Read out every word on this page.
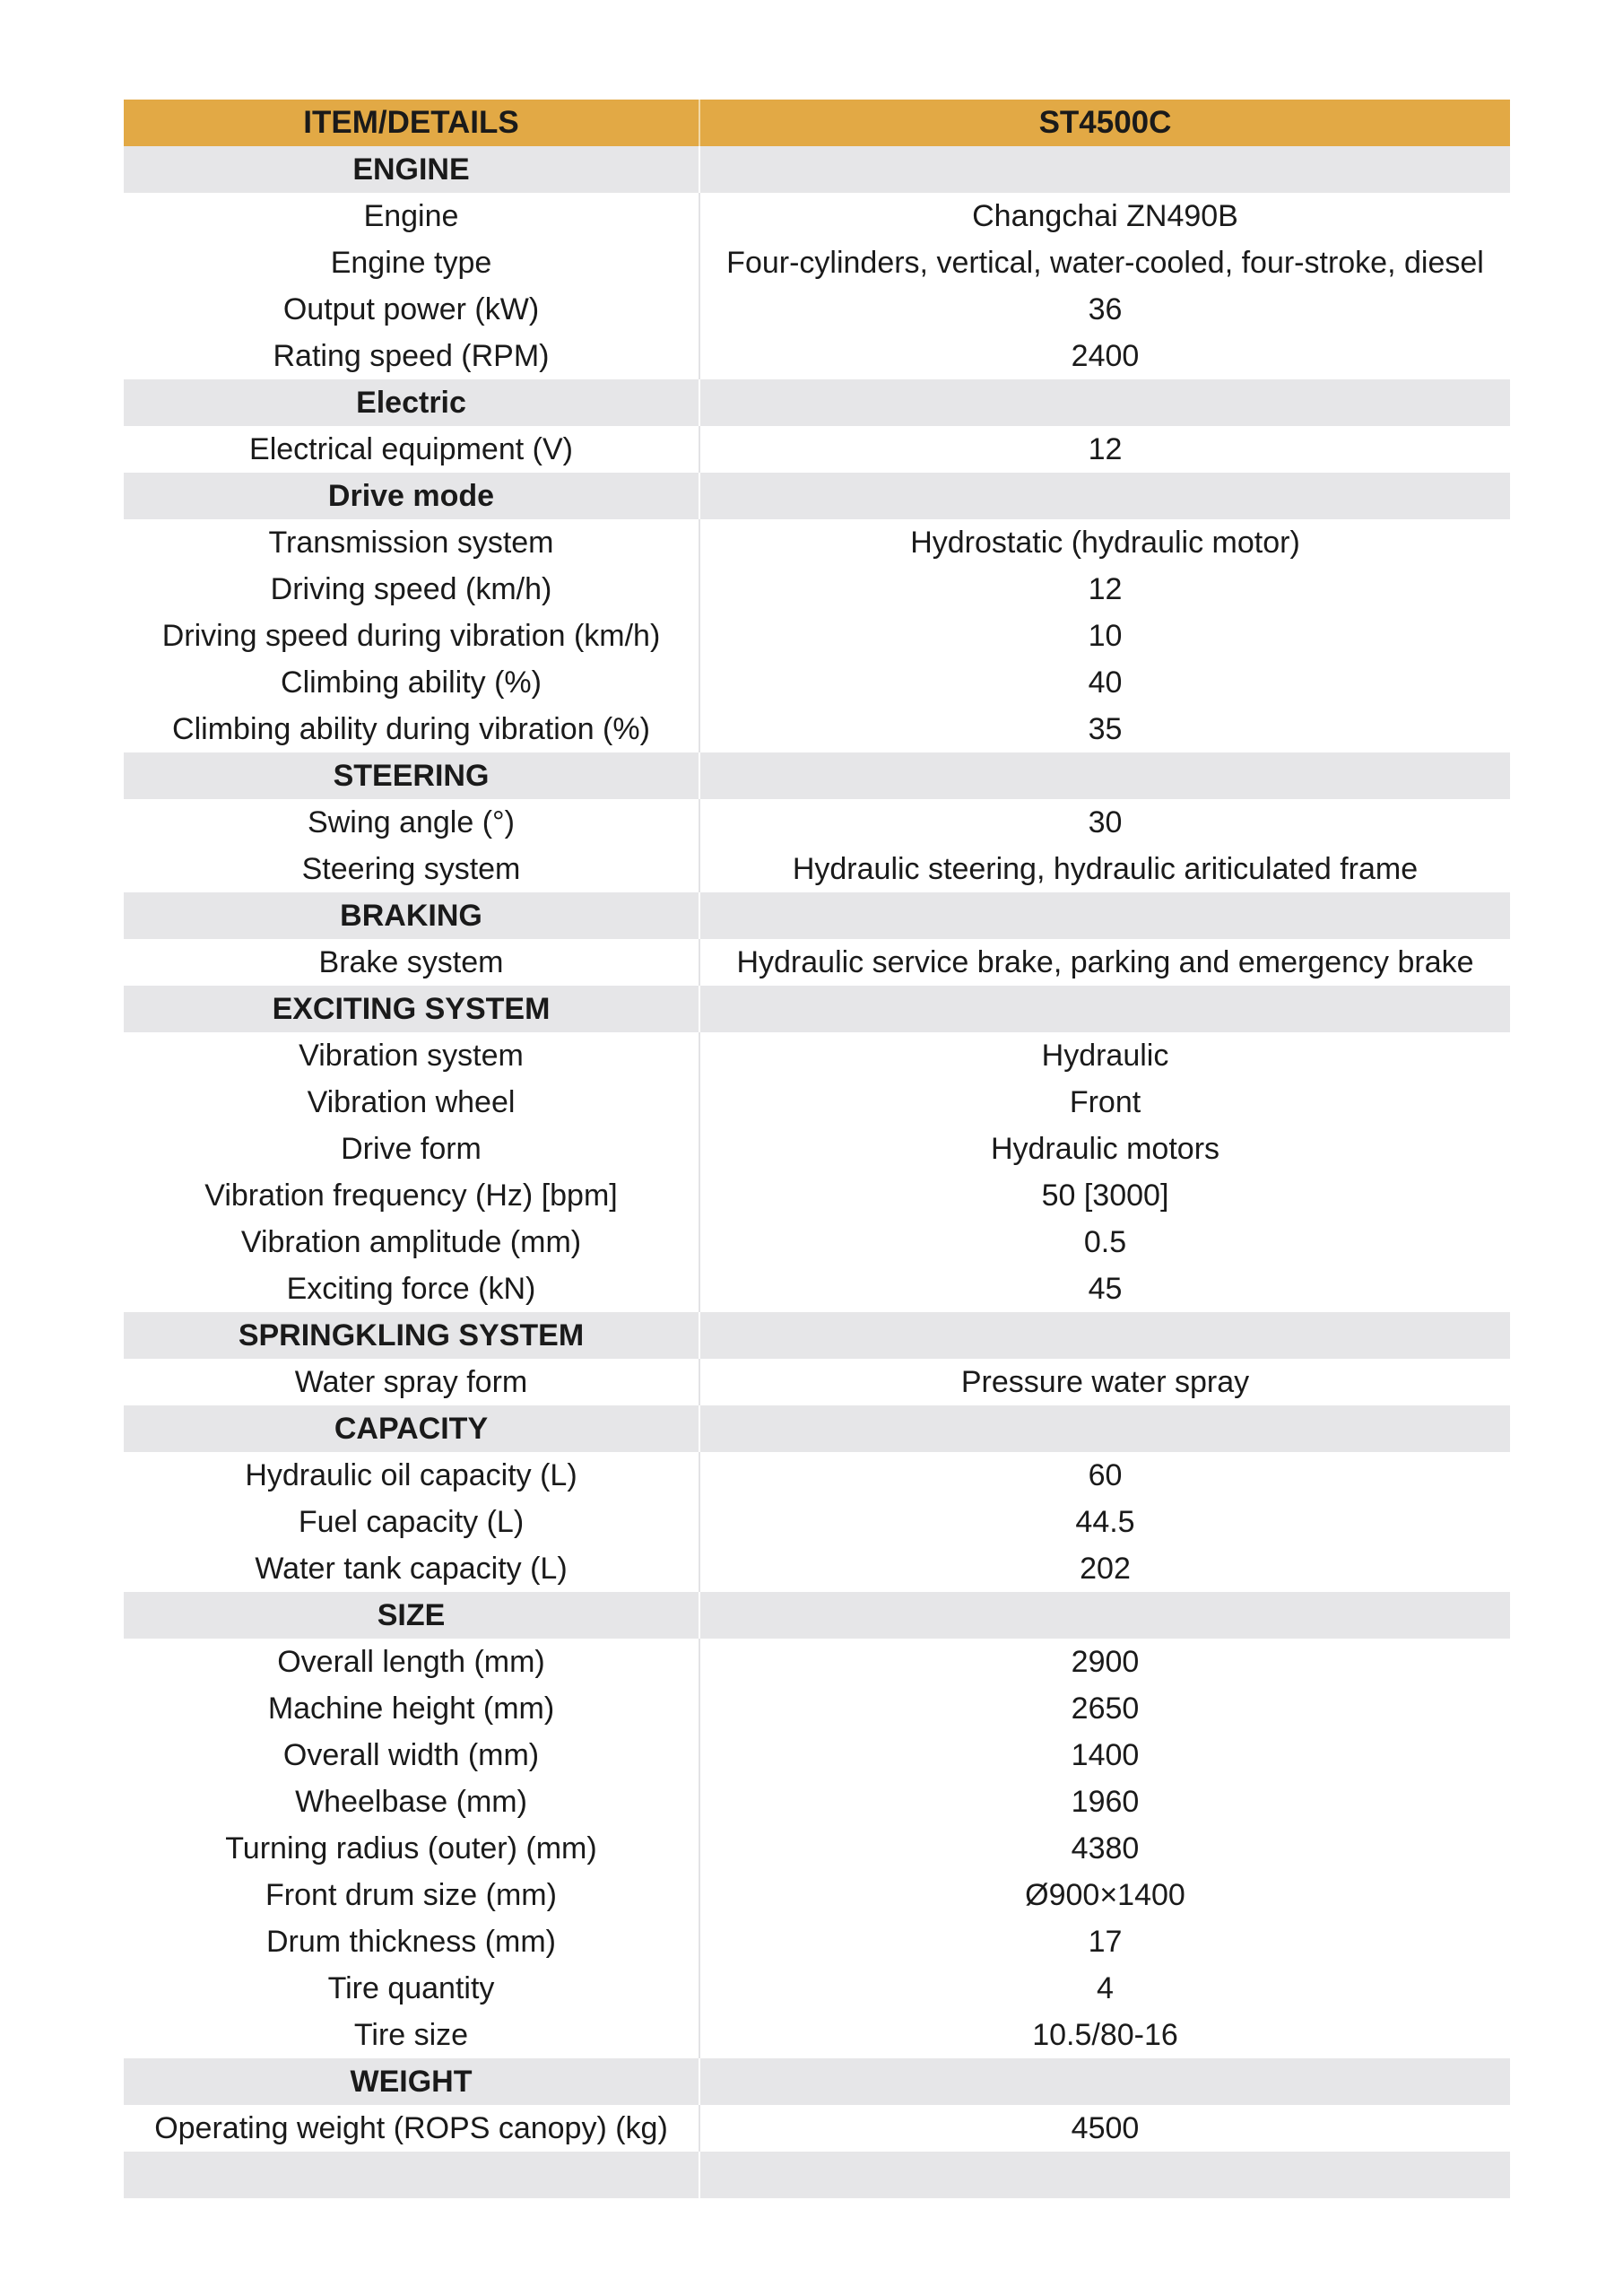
ITEM/DETAILS	ST4500C
ENGINE	
Engine	Changchai ZN490B
Engine type	Four-cylinders, vertical, water-cooled, four-stroke, diesel
Output power (kW)	36
Rating speed (RPM)	2400
Electric	
Electrical equipment (V)	12
Drive mode	
Transmission system	Hydrostatic (hydraulic motor)
Driving speed (km/h)	12
Driving speed during vibration (km/h)	10
Climbing ability (%)	40
Climbing ability during vibration (%)	35
STEERING	
Swing angle (°)	30
Steering system	Hydraulic steering, hydraulic ariticulated frame
BRAKING	
Brake system	Hydraulic service brake, parking and emergency brake
EXCITING SYSTEM	
Vibration system	Hydraulic
Vibration wheel	Front
Drive form	Hydraulic motors
Vibration frequency (Hz) [bpm]	50 [3000]
Vibration amplitude (mm)	0.5
Exciting force (kN)	45
SPRINGKLING SYSTEM	
Water spray form	Pressure water spray
CAPACITY	
Hydraulic oil capacity (L)	60
Fuel capacity (L)	44.5
Water tank capacity (L)	202
SIZE	
Overall length (mm)	2900
Machine height (mm)	2650
Overall width (mm)	1400
Wheelbase (mm)	1960
Turning radius (outer) (mm)	4380
Front drum size (mm)	Ø900×1400
Drum thickness (mm)	17
Tire quantity	4
Tire size	10.5/80-16
WEIGHT	
Operating weight (ROPS canopy) (kg)	4500
